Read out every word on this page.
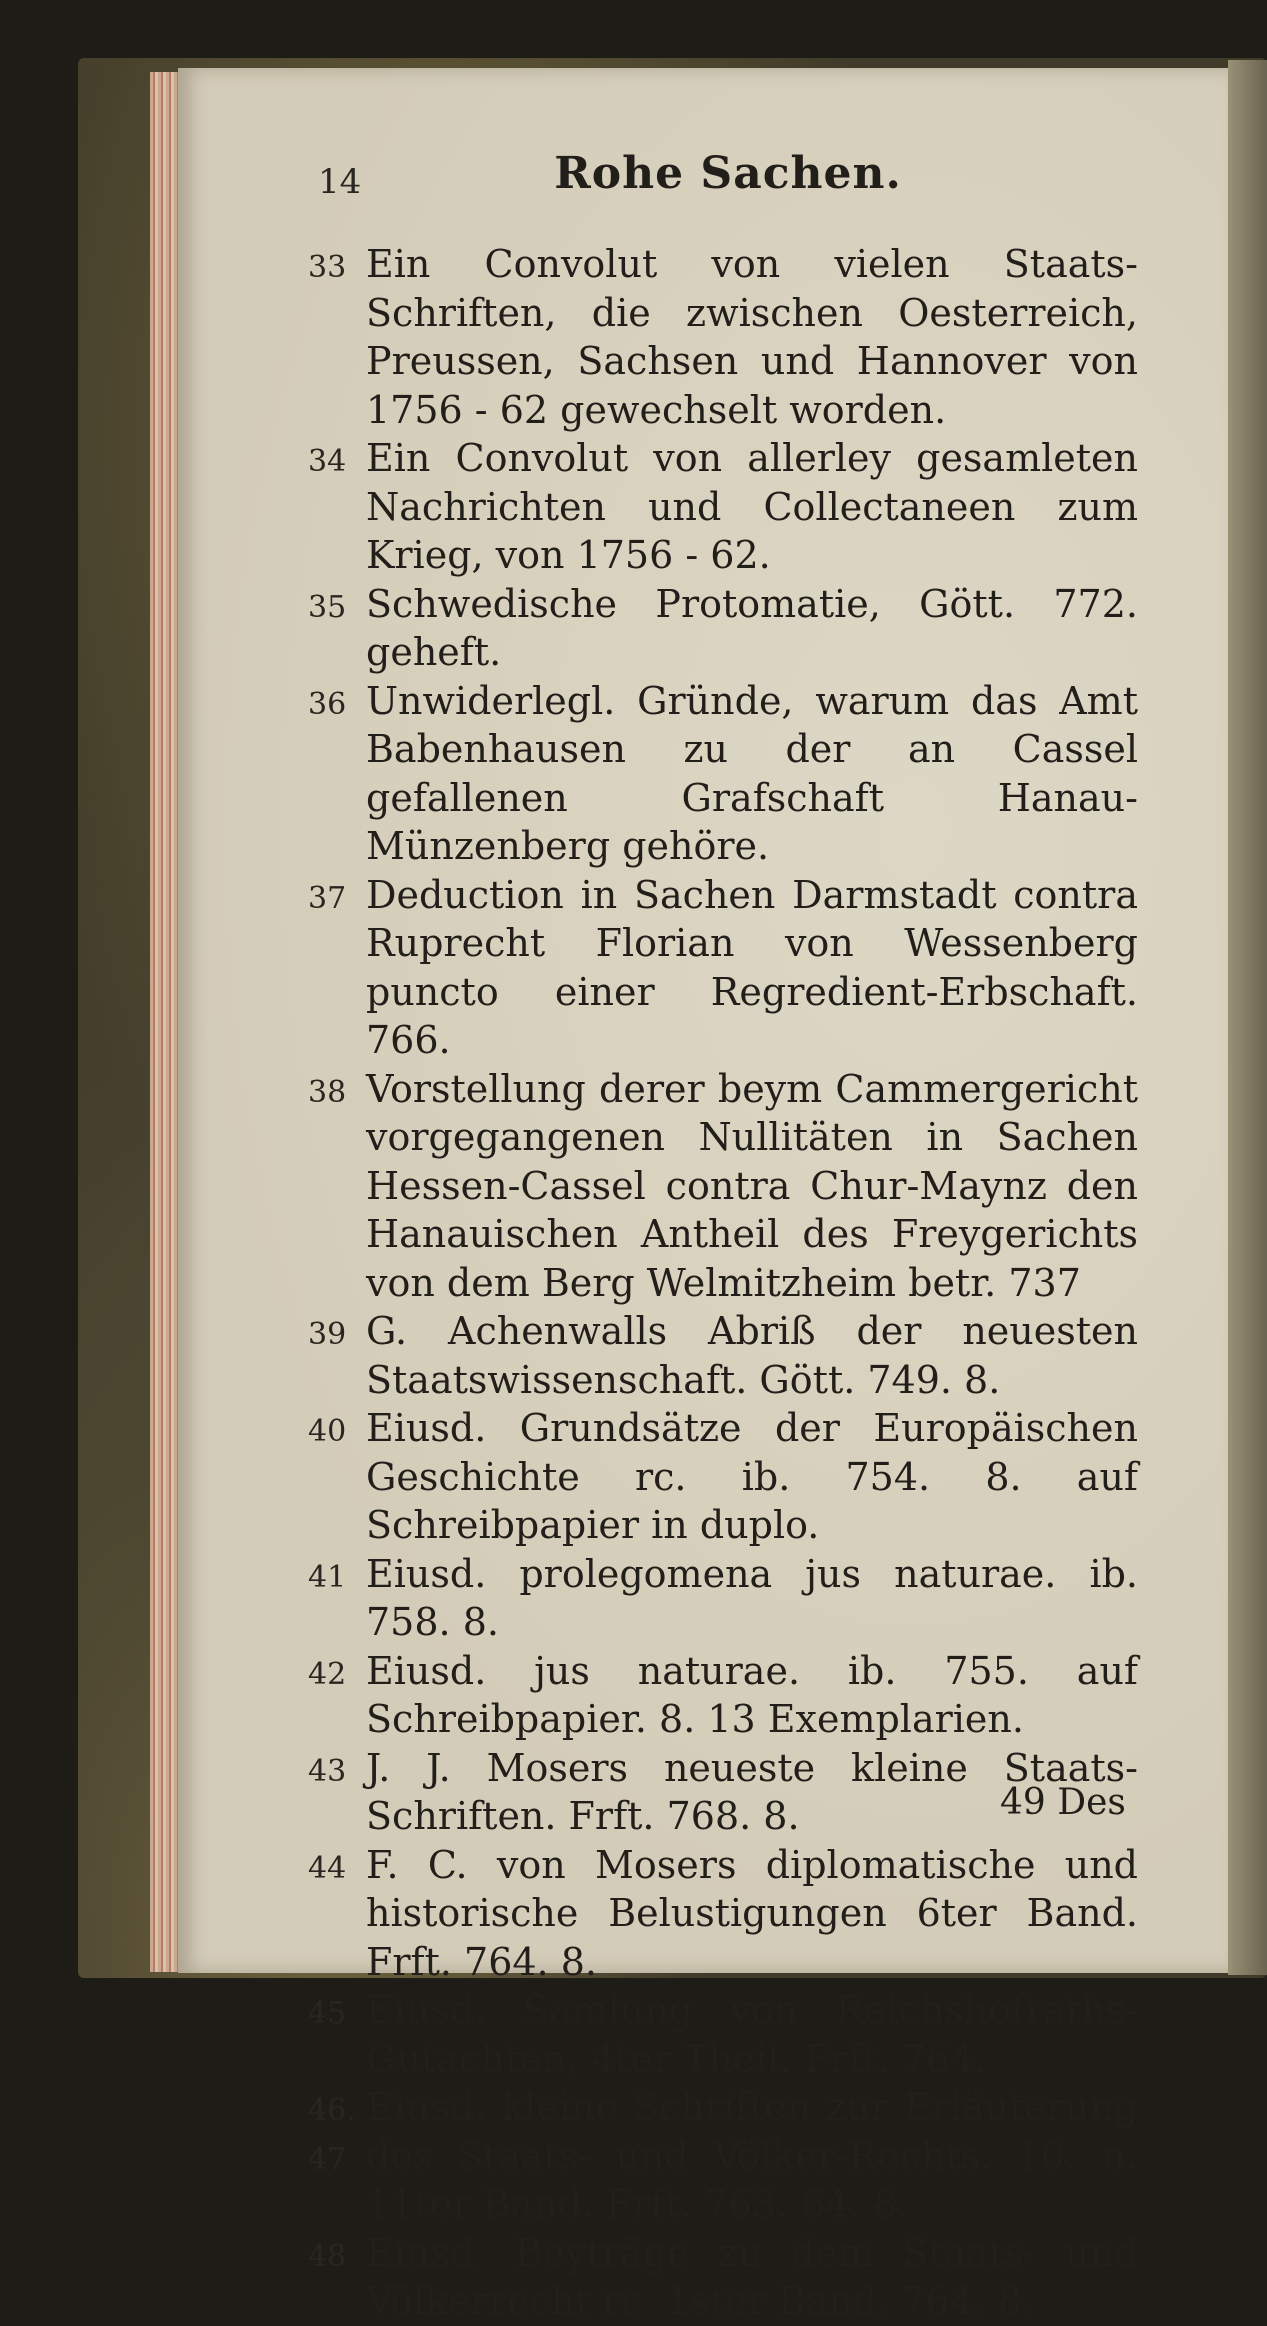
14	Rohe Sachen.

33 Ein Convolut von vielen Staats-Schriften, die zwischen Oesterreich, Preussen, Sachsen und Hannover von 1756 - 62 gewechselt worden.

34 Ein Convolut von allerley gesamleten Nachrichten und Collectaneen zum Krieg, von 1756 - 62.

35 Schwedische Protomatie, Gött. 772. geheft.

36 Unwiderlegl. Gründe, warum das Amt Babenhausen zu der an Cassel gefallenen Grafschaft Hanau-Münzenberg gehöre.

37 Deduction in Sachen Darmstadt contra Ruprecht Florian von Wessenberg puncto einer Regredient-Erbschaft. 766.

38 Vorstellung derer beym Cammergericht vorgegangenen Nullitäten in Sachen Hessen-Cassel contra Chur-Maynz den Hanauischen Antheil des Freygerichts von dem Berg Welmitzheim betr. 737

39 G. Achenwalls Abriß der neuesten Staatswissenschaft. Gött. 749. 8.

40 Eiusd. Grundsätze der Europäischen Geschichte rc. ib. 754. 8. auf Schreibpapier in duplo.

41 Eiusd. prolegomena jus naturae. ib. 758. 8.

42 Eiusd. jus naturae. ib. 755. auf Schreibpapier. 8. 13 Exemplarien.

43 J. J. Mosers neueste kleine Staats-Schriften. Frft. 768. 8.

44 F. C. von Mosers diplomatische und historische Belustigungen 6ter Band. Frft. 764. 8.

45 Eiusd. Samlung von Reichshofraths-Gutachten, 4ter Theil. Frft. 764.

46. 47
Eiusd. kleine Schriften zur Erläuterung des Staats- und Völker-Rechts. 10. u. 11ter Band. Frft. 763. 64. 8.

48 Eiusd. Beyträge zu dem Staats- und Völkerrecht rc. 1ster Band. 764. 8.

49 Des
